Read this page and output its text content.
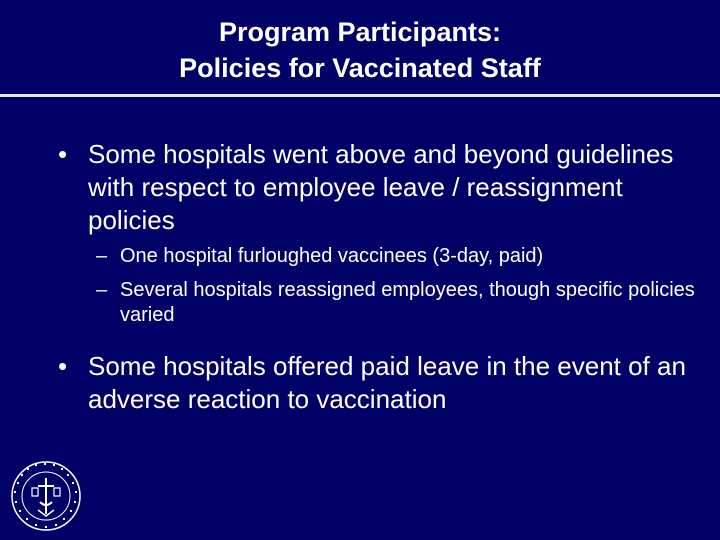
Program Participants:
Policies for Vaccinated Staff
• Some hospitals went above and beyond guidelines with respect to employee leave / reassignment policies
– One hospital furloughed vaccinees (3-day, paid)
– Several hospitals reassigned employees, though specific policies varied
• Some hospitals offered paid leave in the event of an adverse reaction to vaccination
